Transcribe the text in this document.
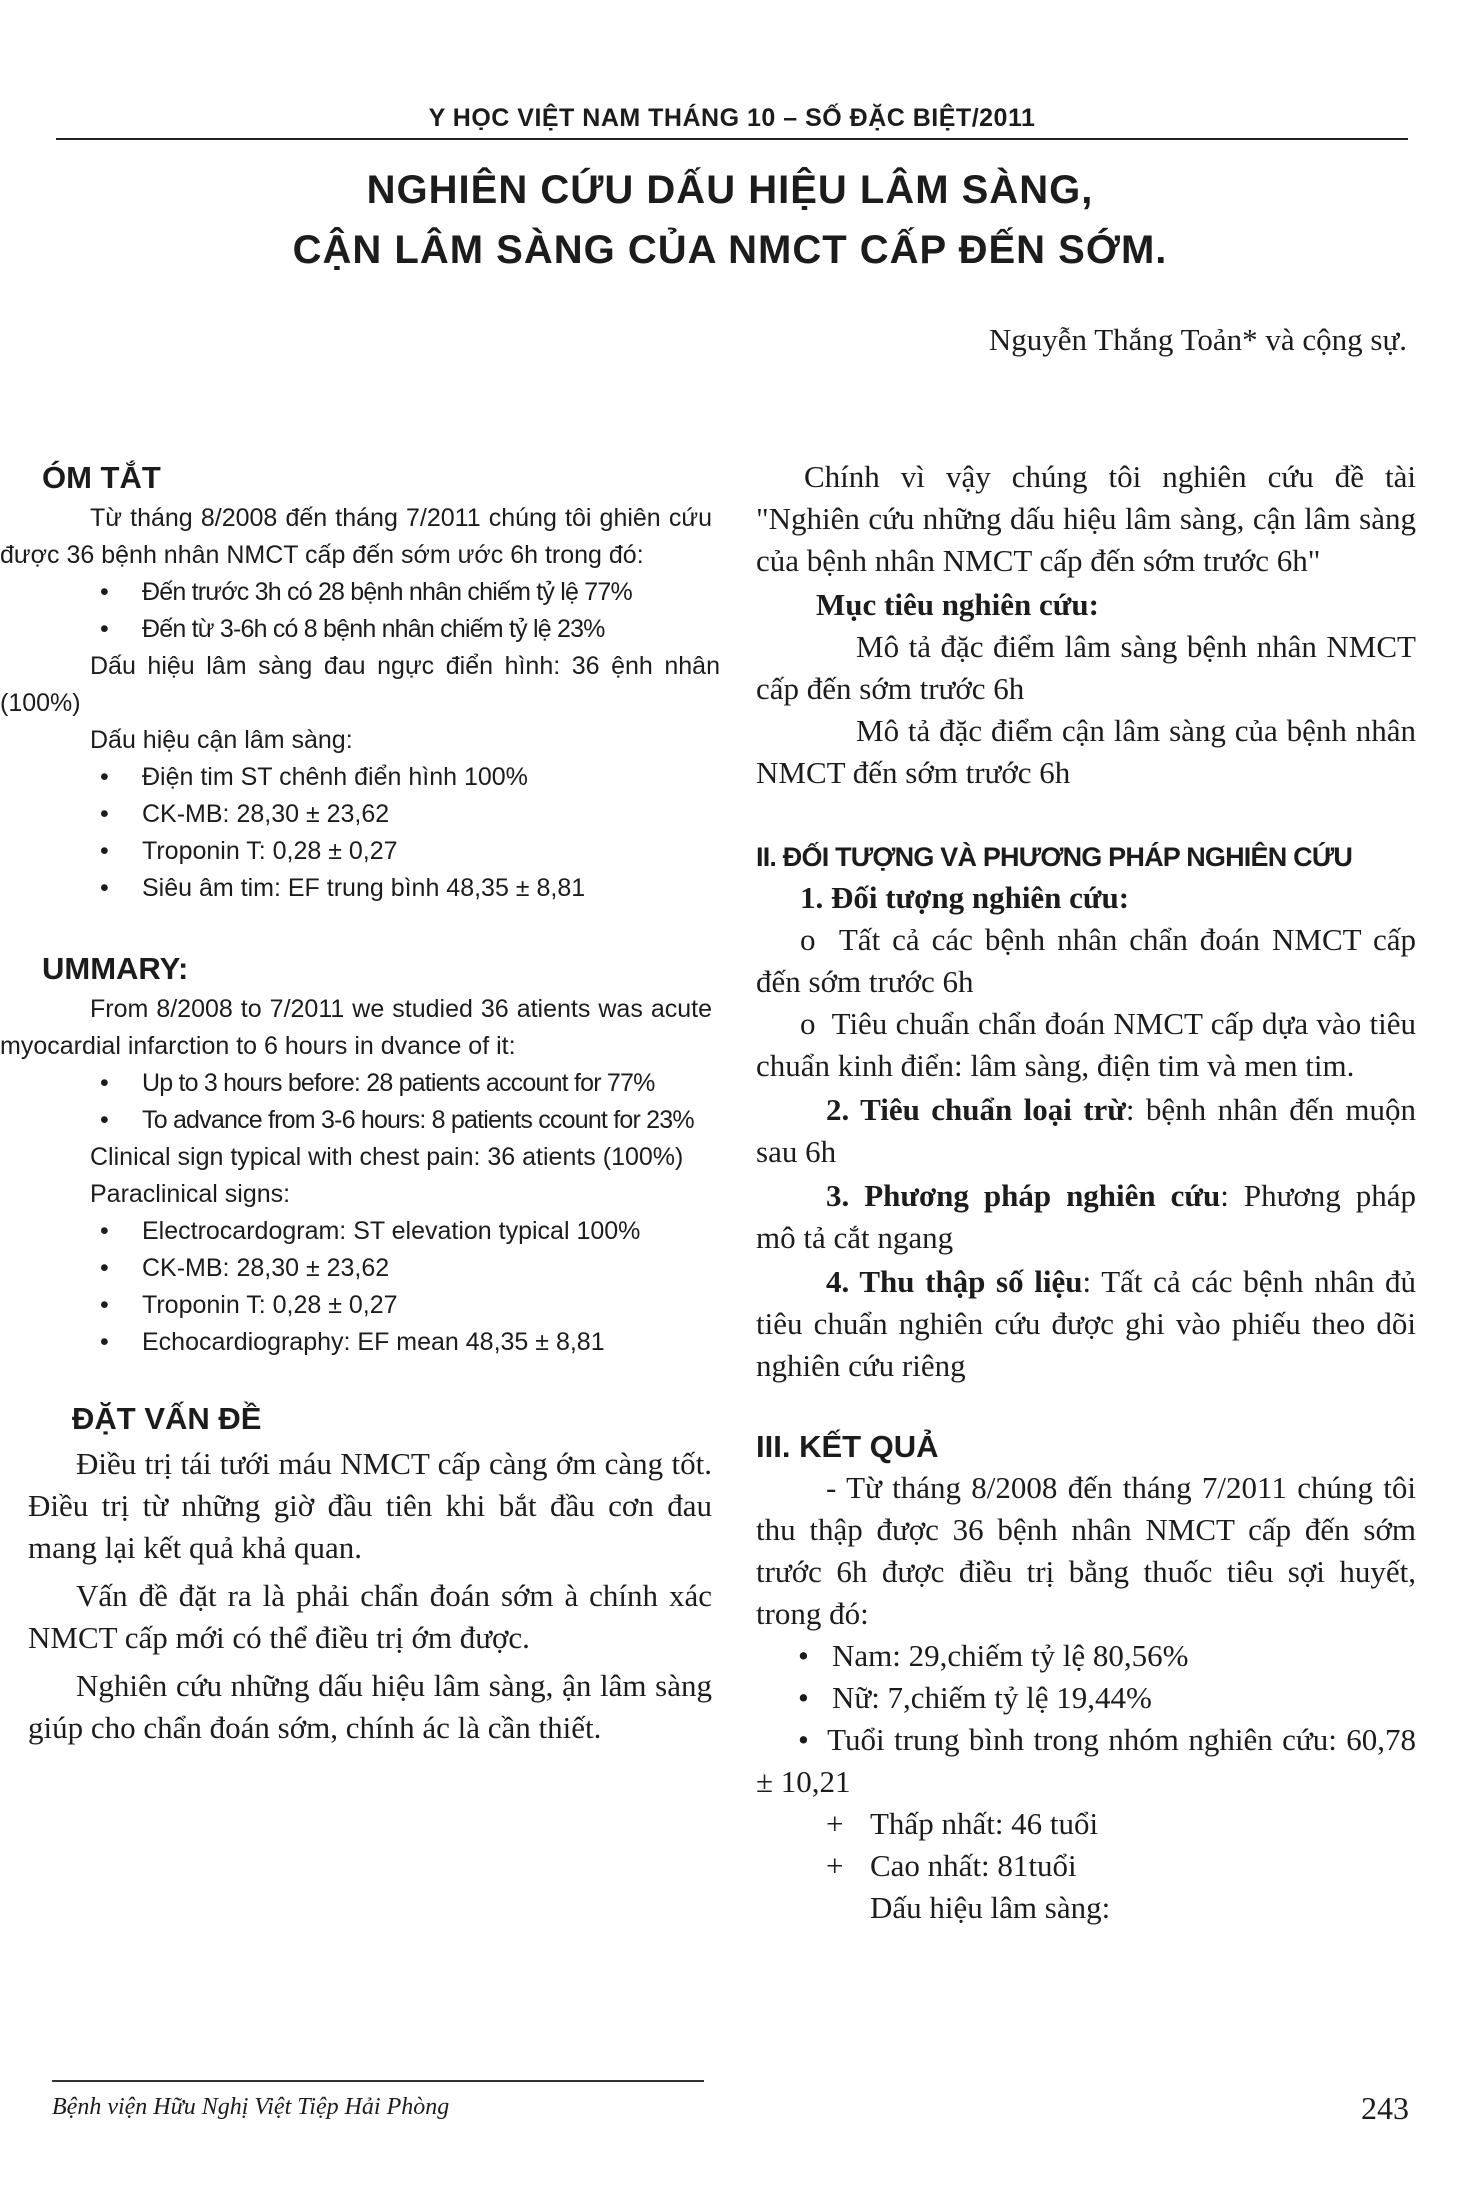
Y HỌC VIỆT NAM THÁNG 10 – SỐ ĐẶC BIỆT/2011
NGHIÊN CỨU DẤU HIỆU LÂM SÀNG,
CẬN LÂM SÀNG CỦA NMCT CẤP ĐẾN SỚM.
Nguyễn Thắng Toản* và cộng sự.
ÓM TẮT

Từ tháng 8/2008 đến tháng 7/2011 chúng tôi ghiên cứu được 36 bệnh nhân NMCT cấp đến sớm ước 6h trong đó:

• Đến trước 3h có 28 bệnh nhân chiếm tỷ lệ 77%
• Đến từ 3-6h có 8 bệnh nhân chiếm tỷ lệ 23%

Dấu hiệu lâm sàng đau ngực điển hình: 36 ệnh nhân (100%)

Dấu hiệu cận lâm sàng:

• Điện tim ST chênh điển hình 100%
• CK-MB: 28,30 ± 23,62
• Troponin T: 0,28 ± 0,27
• Siêu âm tim: EF trung bình 48,35 ± 8,81
UMMARY:

From 8/2008 to 7/2011 we studied 36 atients was acute myocardial infarction to 6 hours in dvance of it:

• Up to 3 hours before: 28 patients account for 77%
• To advance from 3-6 hours: 8 patients ccount for 23%

Clinical sign typical with chest pain: 36 atients (100%)

Paraclinical signs:

• Electrocardogram: ST elevation typical 100%
• CK-MB: 28,30 ± 23,62
• Troponin T: 0,28 ± 0,27
• Echocardiography: EF mean 48,35 ± 8,81
ĐẶT VẤN ĐỀ

Điều trị tái tưới máu NMCT cấp càng ớm càng tốt. Điều trị từ những giờ đầu tiên khi bắt đầu cơn đau mang lại kết quả khả quan.

Vấn đề đặt ra là phải chẩn đoán sớm à chính xác NMCT cấp mới có thể điều trị ớm được.

Nghiên cứu những dấu hiệu lâm sàng, ận lâm sàng giúp cho chẩn đoán sớm, chính ác là cần thiết.

Chính vì vậy chúng tôi nghiên cứu đề tài "Nghiên cứu những dấu hiệu lâm sàng, cận lâm sàng của bệnh nhân NMCT cấp đến sớm trước 6h"

Mục tiêu nghiên cứu:

Mô tả đặc điểm lâm sàng bệnh nhân NMCT cấp đến sớm trước 6h

Mô tả đặc điểm cận lâm sàng của bệnh nhân NMCT đến sớm trước 6h

II. ĐỐI TƯỢNG VÀ PHƯƠNG PHÁP NGHIÊN CỨU

1. Đối tượng nghiên cứu:

o Tất cả các bệnh nhân chẩn đoán NMCT cấp đến sớm trước 6h

o Tiêu chuẩn chẩn đoán NMCT cấp dựa vào tiêu chuẩn kinh điển: lâm sàng, điện tim và men tim.

2. Tiêu chuẩn loại trừ: bệnh nhân đến muộn sau 6h

3. Phương pháp nghiên cứu: Phương pháp mô tả cắt ngang

4. Thu thập số liệu: Tất cả các bệnh nhân đủ tiêu chuẩn nghiên cứu được ghi vào phiếu theo dõi nghiên cứu riêng

III. KẾT QUẢ

- Từ tháng 8/2008 đến tháng 7/2011 chúng tôi thu thập được 36 bệnh nhân NMCT cấp đến sớm trước 6h được điều trị bằng thuốc tiêu sợi huyết, trong đó:

• Nam: 29,chiếm tỷ lệ 80,56%
• Nữ: 7,chiếm tỷ lệ 19,44%

• Tuổi trung bình trong nhóm nghiên cứu: 60,78 ± 10,21

+ Thấp nhất: 46 tuổi
+ Cao nhất: 81tuổi

Dấu hiệu lâm sàng:

Bệnh viện Hữu Nghị Việt Tiệp Hải Phòng	243
